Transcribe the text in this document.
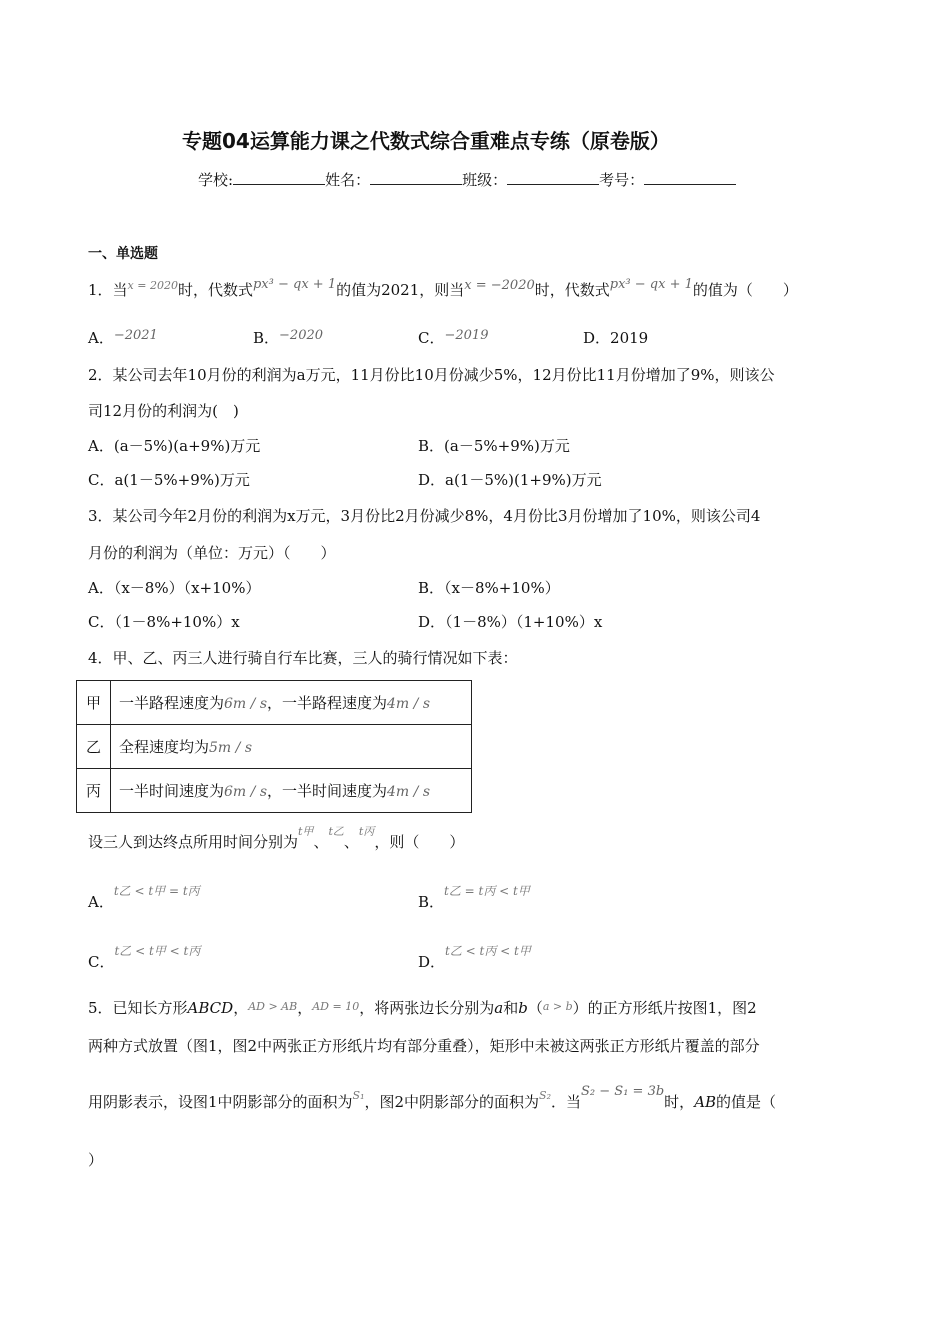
专题04运算能力课之代数式综合重难点专练（原卷版）
学校:	姓名：	班级：	考号：
一、单选题
1．当$^{x = 2020}$时，代数式px³ − qx + 1的值为2021，则当x = −2020时，代数式px³ − qx + 1的值为（　　）
A．−2021	B．−2020	C．−2019	D．2019
2．某公司去年10月份的利润为a万元，11月份比10月份减少5%，12月份比11月份增加了9%，则该公
司12月份的利润为(　)
A．(a－5%)(a+9%)万元	B．(a－5%+9%)万元
C．a(1－5%+9%)万元	D．a(1－5%)(1+9%)万元
3．某公司今年2月份的利润为x万元，3月份比2月份减少8%，4月份比3月份增加了10%，则该公司4
月份的利润为（单位：万元）（　　）
A．（x－8%）（x+10%）	B．（x－8%+10%）
C．（1－8%+10%）x	D．（1－8%）（1+10%）x
4．甲、乙、丙三人进行骑自行车比赛，三人的骑行情况如下表：
甲	一半路程速度为6m / s，一半路程速度为4m / s
乙	全程速度均为5m / s
丙	一半时间速度为6m / s，一半时间速度为4m / s
设三人到达终点所用时间分别为$^{t甲}$、$^{t乙}$、$^{t丙}$，则（　　）
A．$^{t乙 < t甲 = t丙}$
B．$^{t乙 = t丙 < t甲}$
C．$^{t乙 < t甲 < t丙}$
D．$^{t乙 < t丙 < t甲}$
5．已知长方形ABCD，$^{AD > AB}$，$^{AD = 10}$，将两张边长分别为a和b（$^{a > b}$）的正方形纸片按图1，图2
两种方式放置（图1，图2中两张正方形纸片均有部分重叠），矩形中未被这两张正方形纸片覆盖的部分
用阴影表示，设图1中阴影部分的面积为$^{S_1}$，图2中阴影部分的面积为$^{S_2}$．当S₂ − S₁ = 3b时，AB的值是（
）
